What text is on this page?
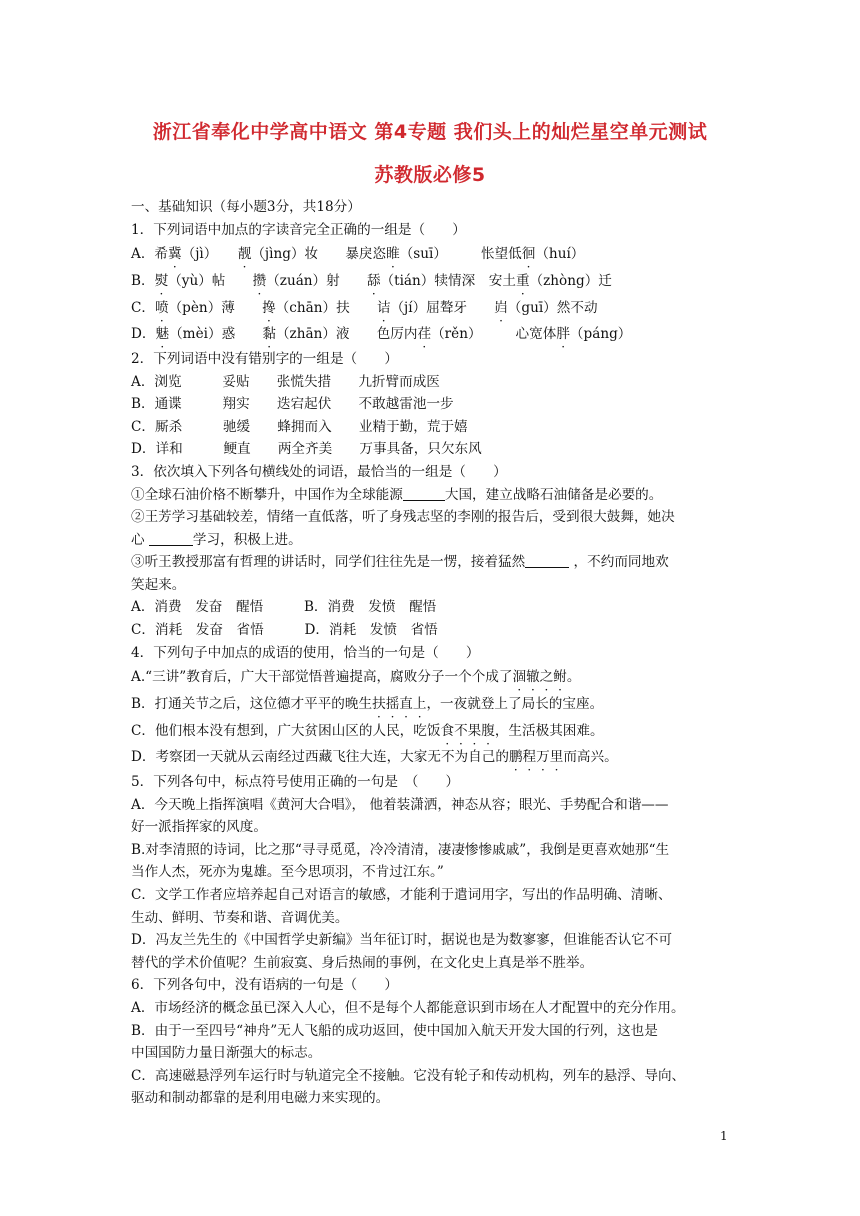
浙江省奉化中学高中语文 第4专题 我们头上的灿烂星空单元测试
苏教版必修5
一、基础知识（每小题3分，共18分）
1．下列词语中加点的字读音完全正确的一组是（　　）
A．希冀（jì）　　靓（jìng）妆　　暴戾恣睢（suī）　　　怅望低徊（huí）
B．熨（yù）帖　　攒（zuán）射　　舔（tián）犊情深　安土重（zhòng）迁
C．喷（pèn）薄　　搀（chān）扶　　诘（jí）屈聱牙　　岿（guī）然不动
D．魅（mèi）惑　　黏（zhān）液　　色厉内荏（rěn）　　　心宽体胖（páng）
2．下列词语中没有错别字的一组是（　　）
A．浏览　　　妥贴　　张慌失措　　九折臂而成医
B．通谍　　　翔实　　迭宕起伏　　不敢越雷池一步
C．厮杀　　　驰缓　　蜂拥而入　　业精于勤，荒于嬉
D．详和　　　鲠直　　两全齐美　　万事具备，只欠东风
3．依次填入下列各句横线处的词语，最恰当的一组是（　　）
①全球石油价格不断攀升，中国作为全球能源	大国，建立战略石油储备是必要的。
②王芳学习基础较差，情绪一直低落，听了身残志坚的李刚的报告后，受到很大鼓舞，她决
心	学习，积极上进。
③听王教授那富有哲理的讲话时，同学们往往先是一愣，接着猛然	，不约而同地欢
笑起来。
A．消费　发奋　醒悟　　　B．消费　发愤　醒悟
C．消耗　发奋　省悟　　　D．消耗　发愤　省悟
4．下列句子中加点的成语的使用，恰当的一句是（　　）
A.“三讲”教育后，广大干部觉悟普遍提高，腐败分子一个个成了涸辙之鲋。
B．打通关节之后，这位德才平平的晚生扶摇直上，一夜就登上了局长的宝座。
C．他们根本没有想到，广大贫困山区的人民，吃饭食不果腹，生活极其困难。
D．考察团一天就从云南经过西藏飞往大连，大家无不为自己的鹏程万里而高兴。
5．下列各句中，标点符号使用正确的一句是　（　　）
A．今天晚上指挥演唱《黄河大合唱》， 他着装潇洒，神态从容；眼光、手势配合和谐——
好一派指挥家的风度。
B.对李清照的诗词，比之那“寻寻觅觅，冷冷清清，凄凄惨惨戚戚”，我倒是更喜欢她那“生
当作人杰，死亦为鬼雄。至今思项羽，不肯过江东。”
C．文学工作者应培养起自己对语言的敏感，才能利于遣词用字，写出的作品明确、清晰、
生动、鲜明、节奏和谐、音调优美。
D．冯友兰先生的《中国哲学史新编》当年征订时，据说也是为数寥寥，但谁能否认它不可
替代的学术价值呢？生前寂寞、身后热闹的事例，在文化史上真是举不胜举。
6．下列各句中，没有语病的一句是（　　）
A．市场经济的概念虽已深入人心，但不是每个人都能意识到市场在人才配置中的充分作用。
B．由于一至四号“神舟”无人飞船的成功返回，使中国加入航天开发大国的行列，这也是
中国国防力量日渐强大的标志。
C．高速磁悬浮列车运行时与轨道完全不接触。它没有轮子和传动机构，列车的悬浮、导向、
驱动和制动都靠的是利用电磁力来实现的。
1
